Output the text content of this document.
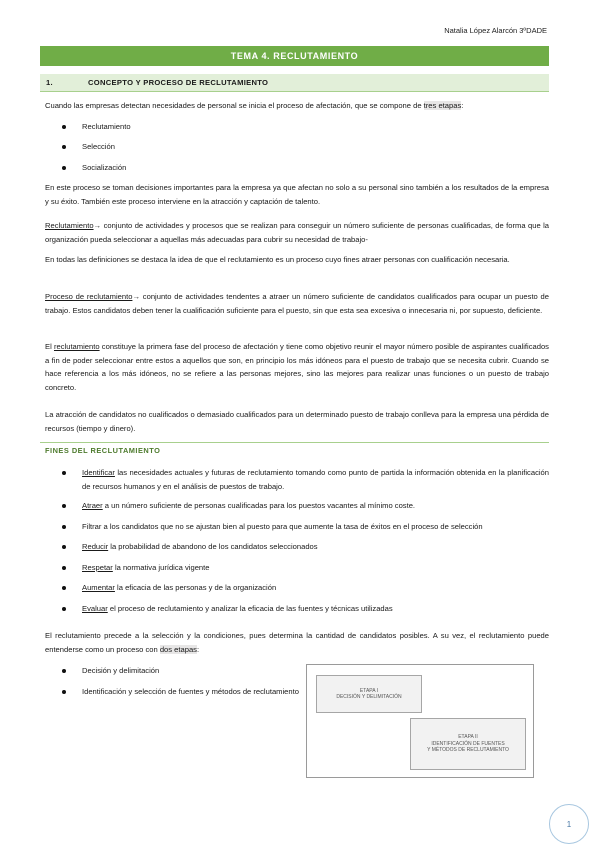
Natalia López Alarcón 3ºDADE
TEMA 4. RECLUTAMIENTO
1.	CONCEPTO Y PROCESO DE RECLUTAMIENTO
Cuando las empresas detectan necesidades de personal se inicia el proceso de afectación, que se compone de tres etapas:
Reclutamiento
Selección
Socialización
En este proceso se toman decisiones importantes para la empresa ya que afectan no solo a su personal sino también a los resultados de la empresa y su éxito. También este proceso interviene en la atracción y captación de talento.
Reclutamiento→ conjunto de actividades y procesos que se realizan para conseguir un número suficiente de personas cualificadas, de forma que la organización pueda seleccionar a aquellas más adecuadas para cubrir su necesidad de trabajo-
En todas las definiciones se destaca la idea de que el reclutamiento es un proceso cuyo fines atraer personas con cualificación necesaria.
Proceso de reclutamiento→ conjunto de actividades tendentes a atraer un número suficiente de candidatos cualificados para ocupar un puesto de trabajo. Estos candidatos deben tener la cualificación suficiente para el puesto, sin que esta sea excesiva o innecesaria ni, por supuesto, deficiente.
El reclutamiento constituye la primera fase del proceso de afectación y tiene como objetivo reunir el mayor número posible de aspirantes cualificados a fin de poder seleccionar entre estos a aquellos que son, en principio los más idóneos para el puesto de trabajo que se necesita cubrir. Cuando se hace referencia a los más idóneos, no se refiere a las personas mejores, sino las mejores para realizar unas funciones o un puesto de trabajo concreto.
La atracción de candidatos no cualificados o demasiado cualificados para un determinado puesto de trabajo conlleva para la empresa una pérdida de recursos (tiempo y dinero).
FINES DEL RECLUTAMIENTO
Identificar las necesidades actuales y futuras de reclutamiento tomando como punto de partida la información obtenida en la planificación de recursos humanos y en el análisis de puestos de trabajo.
Atraer a un número suficiente de personas cualificadas para los puestos vacantes al mínimo coste.
Filtrar a los candidatos que no se ajustan bien al puesto para que aumente la tasa de éxitos en el proceso de selección
Reducir la probabilidad de abandono de los candidatos seleccionados
Respetar la normativa jurídica vigente
Aumentar la eficacia de las personas y de la organización
Evaluar el proceso de reclutamiento y analizar la eficacia de las fuentes y técnicas utilizadas
El reclutamiento precede a la selección y la condiciones, pues determina la cantidad de candidatos posibles. A su vez, el reclutamiento puede entenderse como un proceso con dos etapas:
Decisión y delimitación
Identificación y selección de fuentes y métodos de reclutamiento	ETAPA I
DECISIÓN Y DELIMITACIÓN
ETAPA II
IDENTIFICACIÓN DE FUENTES
Y MÉTODOS DE RECLUTAMIENTO
1
